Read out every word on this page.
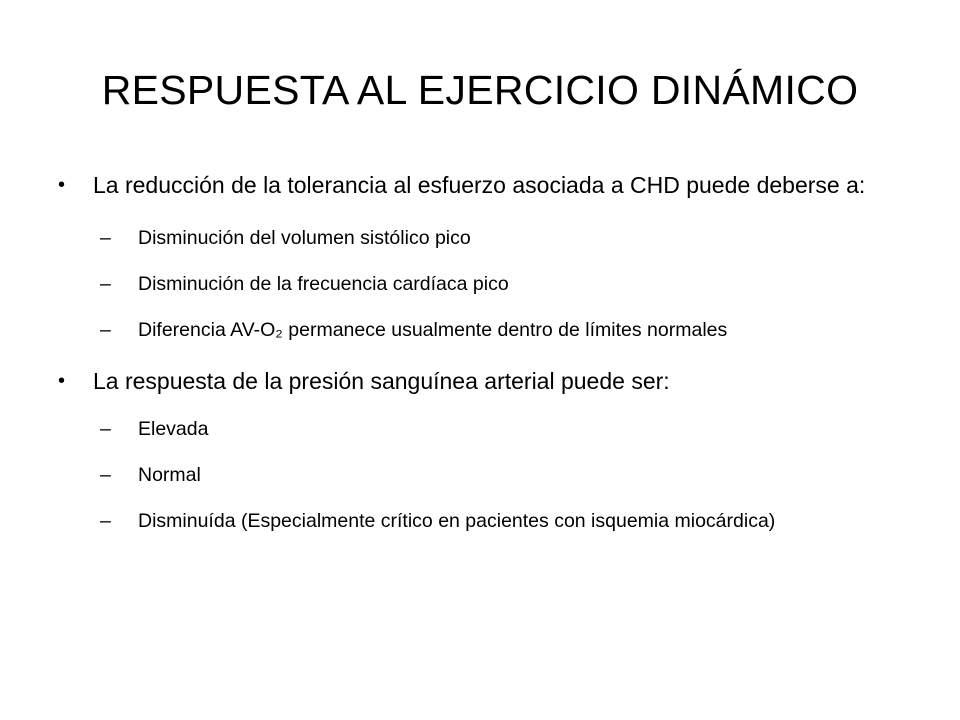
RESPUESTA AL EJERCICIO DINÁMICO
• La reducción de la tolerancia al esfuerzo asociada a CHD puede deberse a:
– Disminución del volumen sistólico pico
– Disminución de la frecuencia cardíaca pico
– Diferencia AV-O₂ permanece usualmente dentro de límites normales
• La respuesta de la presión sanguínea arterial puede ser:
– Elevada
– Normal
– Disminuída (Especialmente crítico en pacientes con isquemia miocárdica)
